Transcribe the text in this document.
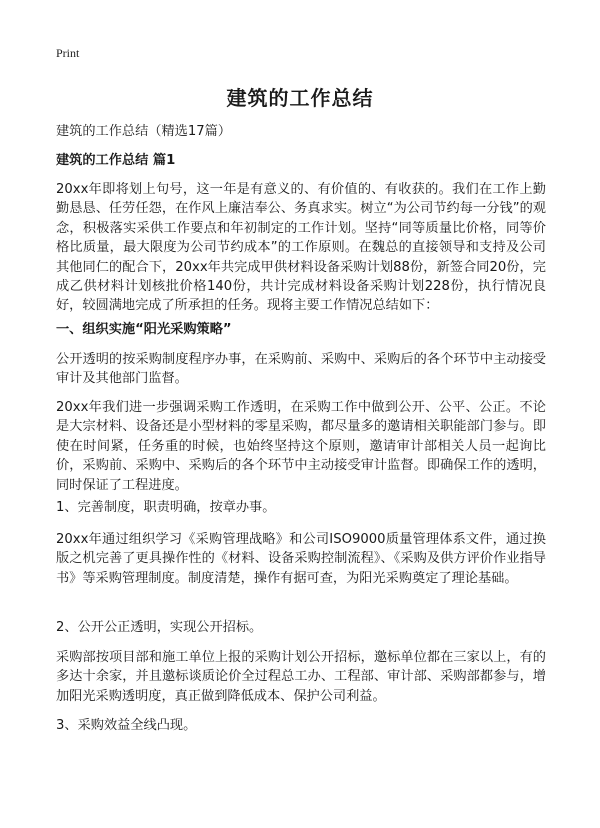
Print
建筑的工作总结
建筑的工作总结（精选17篇）
建筑的工作总结 篇1
20xx年即将划上句号，这一年是有意义的、有价值的、有收获的。我们在工作上勤勤恳恳、任劳任怨，在作风上廉洁奉公、务真求实。树立“为公司节约每一分钱”的观念，积极落实采供工作要点和年初制定的工作计划。坚持“同等质量比价格，同等价格比质量，最大限度为公司节约成本”的工作原则。在魏总的直接领导和支持及公司其他同仁的配合下，20xx年共完成甲供材料设备采购计划88份，新签合同20份，完成乙供材料计划核批价格140份，共计完成材料设备采购计划228份，执行情况良好，较圆满地完成了所承担的任务。现将主要工作情况总结如下：
一、组织实施“阳光采购策略”
公开透明的按采购制度程序办事，在采购前、采购中、采购后的各个环节中主动接受审计及其他部门监督。
20xx年我们进一步强调采购工作透明，在采购工作中做到公开、公平、公正。不论是大宗材料、设备还是小型材料的零星采购，都尽量多的邀请相关职能部门参与。即使在时间紧，任务重的时候，也始终坚持这个原则，邀请审计部相关人员一起询比价，采购前、采购中、采购后的各个环节中主动接受审计监督。即确保工作的透明，同时保证了工程进度。
1、完善制度，职责明确，按章办事。
20xx年通过组织学习《采购管理战略》和公司ISO9000质量管理体系文件，通过换版之机完善了更具操作性的《材料、设备采购控制流程》、《采购及供方评价作业指导书》等采购管理制度。制度清楚，操作有据可查，为阳光采购奠定了理论基础。
2、公开公正透明，实现公开招标。
采购部按项目部和施工单位上报的采购计划公开招标，邀标单位都在三家以上，有的多达十余家，并且邀标谈质论价全过程总工办、工程部、审计部、采购部都参与，增加阳光采购透明度，真正做到降低成本、保护公司利益。
3、采购效益全线凸现。
